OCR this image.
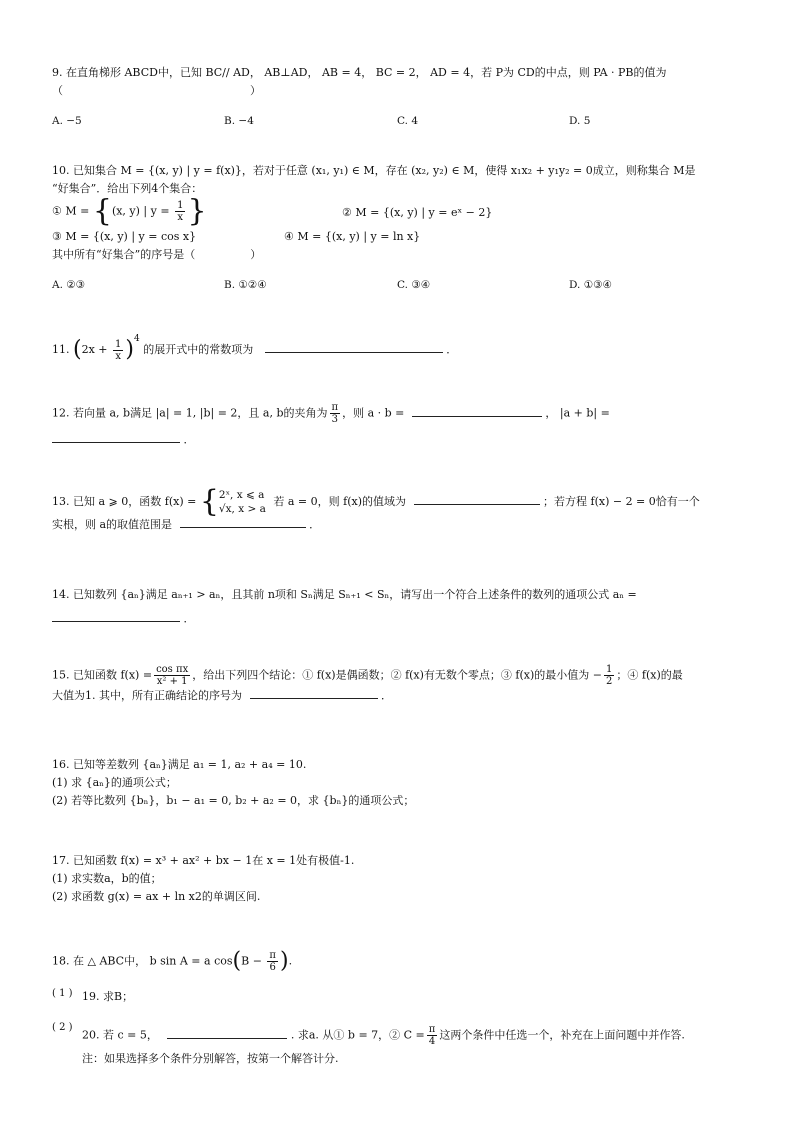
9. 在直角梯形 ABCD中，已知 BC// AD， AB⊥AD， AB = 4， BC = 2， AD = 4，若 P为 CD的中点，则 PA · PB的值为
（　　　　　　　　　　　　　　　　　）
A. −5	B. −4	C. 4	D. 5
10. 已知集合 M = {(x, y) | y = f(x)}，若对于任意 (x₁, y₁) ∈ M，存在 (x₂, y₂) ∈ M，使得 x₁x₂ + y₁y₂ = 0成立，则称集合 M是
“好集合”．给出下列4个集合：
① M = {(x, y) | $y = \frac{1}{x}$ }	② M = {(x, y) | y = eˣ − 2}
③ M = {(x, y) | y = cos x}	④ M = {(x, y) | y = ln x}
其中所有“好集合”的序号是（　　　　　）
A. ②③	B. ①②④	C. ③④	D. ①③④
11. $(2x + \frac{1}{x} )^4$ 的展开式中的常数项为	．
12. 若向量 a, b满足 |a| = 1, |b| = 2，且 a, b的夹角为 $\frac{\pi}{3}$ ，则 a · b =	， |a + b| =
．
13. 已知 a ⩾ 0，函数 f(x) = { 2ˣ, x ⩽ a
√x, x > a
若 a = 0，则 f(x)的值域为	；若方程 f(x) − 2 = 0恰有一个
实根，则 a的取值范围是	．
14. 已知数列 {aₙ}满足 aₙ₊₁ > aₙ，且其前 n项和 Sₙ满足 Sₙ₊₁ < Sₙ，请写出一个符合上述条件的数列的通项公式 aₙ =
．
15. 已知函数 $f(x) = \frac{\text{cos πx}}{\text{x² + 1}}$ ，给出下列四个结论：① f(x)是偶函数；② f(x)有无数个零点；③ f(x)的最小值为 − $\frac{1}{2}$ ；④ f(x)的最
大值为1. 其中，所有正确结论的序号为	．
16. 已知等差数列 {aₙ}满足 a₁ = 1, a₂ + a₄ = 10.
(1) 求 {aₙ}的通项公式；
(2) 若等比数列 {bₙ}，b₁ − a₁ = 0, b₂ + a₂ = 0，求 {bₙ}的通项公式；
17. 已知函数 f(x) = x³ + ax² + bx − 1在 x = 1处有极值-1.
(1) 求实数a，b的值；
(2) 求函数 g(x) = ax + ln x2的单调区间.
18. 在 △ ABC中， b sin A = a $\cos(B - \frac{\pi}{6}$ ).
( 1 ) 19. 求B；
( 2 )
20. 若 c = 5，	. 求a. 从① b = 7，② $C = \frac{\pi}{4}$ 这两个条件中任选一个，补充在上面问题中并作答.
注：如果选择多个条件分别解答，按第一个解答计分.
